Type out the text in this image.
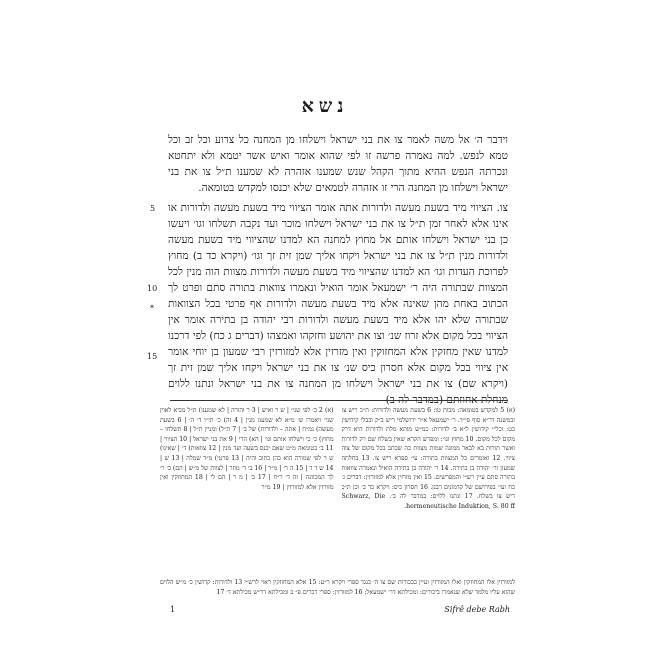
נשא

וידבר ה׳ אל משה לאמר צו את בני ישראל וישלחו מן המחנה כל צרוע וכל זב וכל טמא לנפש. למה נאמרה פרשה זו לפי שהוא אומר ואיש אשר יטמא ולא יתחטא ונכרתה הנפש ההיא מתוך הקהל שנש שמענו אזהרה לא שמענו ת״ל צו את בני ישראל וישלחו מן המחנה הרי זו אזהרה לטמאים שלא יכנסו למקדש בטומאה.

צו. הציווי מיד בשעת מעשה ולדורות אתה אומר הציווי מיד בשעת מעשה ולדורות או אינו אלא לאחר זמן ת״ל צו את בני ישראל וישלחו מוכר ועד נקבה תשלחו וגו׳ ויעשו כן בני ישראל וישלחו אותם אל מחוץ למחנה הא למדנו שהציווי מיד בשעת מעשה ולדורות מנין ת״ל צו את בני ישראל ויקחו אליך שמן זית זך וגו׳ (ויקרא כד ב) מחוץ לפרוכת העדות וגו׳ הא למדנו שהציווי מיד בשעת מעשה ולדורות מצוות הוה מנין לכל המצוות שבתורה היה ר׳ ישמעאל אומר הואיל ונאמרו צוואות בתורה סתם ופרט לך הכתוב באחת מהן שאינה אלא מיד בשעת מעשה ולדורות אף פרטי בכל הצוואות שבתורה שלא יהו אלא מיד בשעת מעשה ולדורות רבי יהודה בן בתירה אומר אין הציווי בכל מקום אלא זרוז שנ׳ וצו את יהושע וחזקהו ואמצהו (דברים ג כח) לפי דרכנו למדנו שאין מחזקין אלא המחזוקין ואין מזרזין אלא למזורזין רבי שמעון בן יוחי אומר אין ציווי בכל מקום אלא חסרון כיס שנ׳ צו את בני ישראל ויקחו אליך שמן זית זך (ויקרא שם) צו את בני ישראל וישלחו מן המחנה צו את בני ישראל ונתנו ללוים מנחלת אחוזתם (במדבר לה ב)

5
10
*
15
(א) 2 ב׳ לפי שני׳ | ש ר ואיש | 3 ר והורה | לא שמענו) ת״ל מביא לאוין שני׳ ויאמרו ש׳ מ״א לא שמענו מנין | 4 זה) כ׳ תי״ו ד׳ ה׳ | 6 בשעת מעשה) נמ״ח | אתה – ולדורות) של ב׳ | 7 ת״ל) ומניין ת״ל | 8 תשלחו – מחוץ) כ׳ כי וישלחו אותם וגו׳ | הא) הרי | 9 את בני ישראל | 10 הציווי | 11 ב׳ בטומאה מ״ט שאם יכנס בשעה ועד מנין | 12 צוואות) ד׳ | שאינו) ש ר לפי שמורה הוא כהן כתוב והיה | 13 פרטי) מ״ד שמלה | 13 ש | 14 ש ד ד | 15 ה ר׳ | מ״ר | 16 ב׳ ד׳ מוזר | לצוות של מ״ש | הם) ב׳ ר׳ לך המכוונה | זה ד׳ ר״ח | 17 ב׳ | מ ר | הם לי | 18 המחוזקין ואין מזורזין אלא למזורזין | 19 מ״ר
(א) 5 למקדש בטומאה: מכות טו: 6 בשעת מעשה ולדורות: ת״כ ריש צו ובמשנה דר״א סוף פי״ד. ר׳ ישמעאל א״ר ירושלמי ריש ב״ק ובבלי קידושין כט: וכל״י קידושין ל״א ב׳ לדורות: כמ״ש מותא מלת ולדורות היא דרק מקום לכל מקום. 10 מחוץ וגו׳: ומפרש הקרא שאין בשלח שם רק לדורות ואשר תורות בא לבאר ממונה שמות מצוות כה שכתב בכל מקום של צוה ציווי. 12 ואומרים כל המצוות בתורה: עי׳ ספרא ריש צו. 13 בחלתה שמעון ור׳ יהודה בן בתירה. 14 ר׳ יהודה בן בתירה הואיל ונאמרה צוואות בתורה סתם עיין רש״י והמפרשים. 15 ואין מזרזין אלא למזורזין: דברים ג׳ כח ועי׳ בפירושם של קדמונים רבנן. 16 חסרון כיס: ויקרא כד ב׳ וכן ת״כ ריש צו בשלח. 17 ונתנו ללוים: במדבר לה ב׳. Schwarz, Die hermeneutische Induktion, S. 80 ff.
למזורזין אלו המחוזקין ואלו המזורזין ועיין בבכורות שם צו ה׳ כנגד ספרי ויקרא ר״ע: 15 אלא המחוזקין ראוי לרש״י 13 ולדורות: קדושין כ׳ מ״ש הלוים שהוא עליו מלמד שלא שנאמרו ביכורים: ומכילתא דר׳ ישמעאל: 16 למזורזין: ספרי דברים פ״ ב ומכילתא דר״ש מכילתא ד׳ 17
1	Sifrê debe Rabh
